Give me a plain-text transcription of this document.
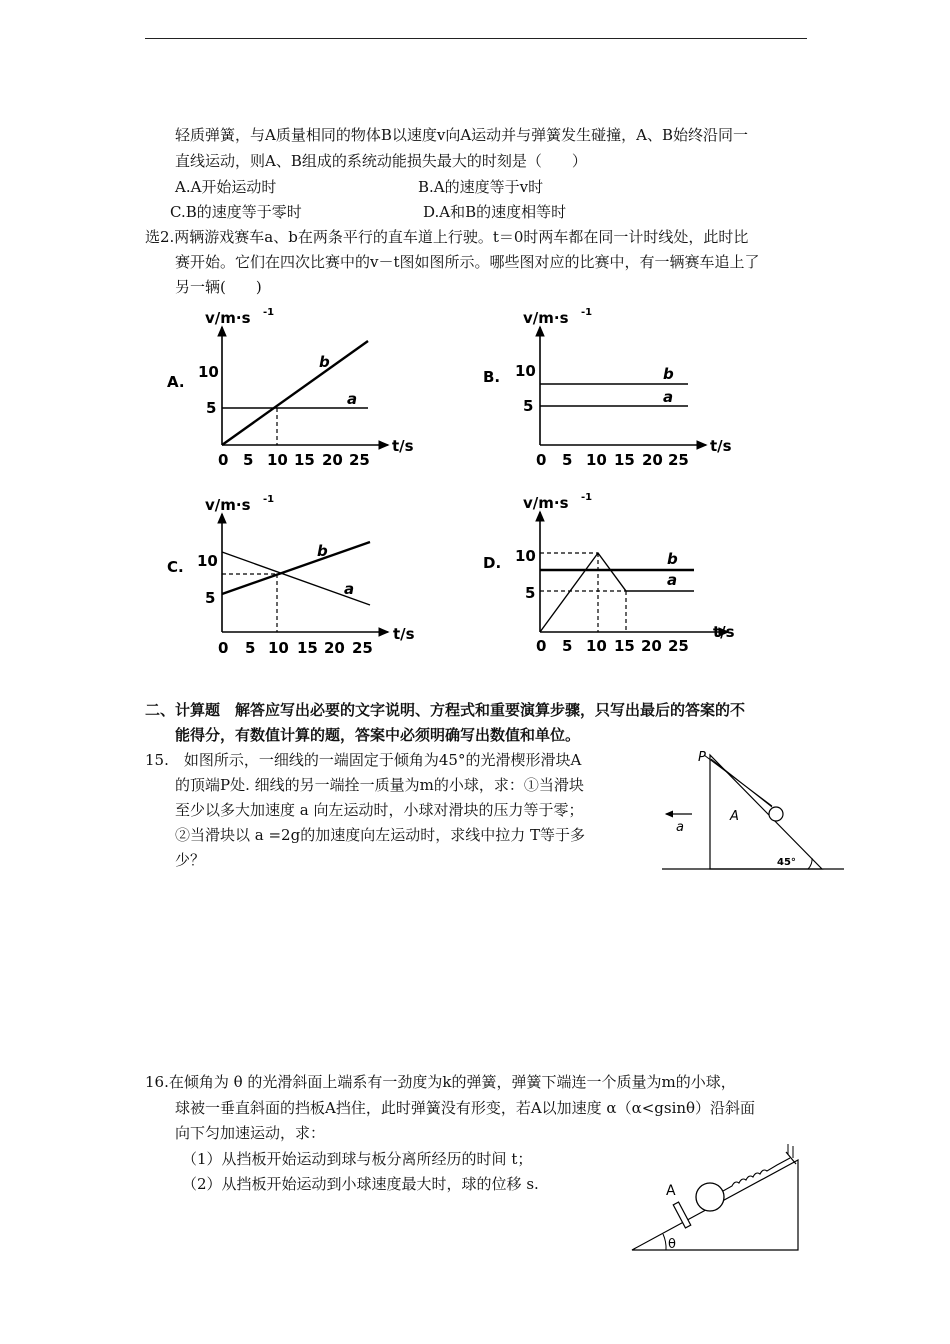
轻质弹簧，与A质量相同的物体B以速度v向A运动并与弹簧发生碰撞，A、B始终沿同一
直线运动，则A、B组成的系统动能损失最大的时刻是（　　）
A.A开始运动时	B.A的速度等于v时
C.B的速度等于零时	D.A和B的速度相等时
选2.两辆游戏赛车a、b在两条平行的直车道上行驶。t＝0时两车都在同一计时线处，此时比
赛开始。它们在四次比赛中的v－t图如图所示。哪些图对应的比赛中，有一辆赛车追上了
另一辆(　　)
v/m·s -1
t/s
0 5 10 15 20 25
5
10
A.
b
a
v/m·s -1
t/s
0 5 10 15 20 25
5
10
B.	b
a
v/m·s -1
t/s
0 5 10 15 20 25
5
10
C.
b
a
v/m·s -1
t/s
0 5 10 15 20 25
5
10
D.	b
a
二、计算题　解答应写出必要的文字说明、方程式和重要演算步骤，只写出最后的答案的不
能得分，有数值计算的题，答案中必须明确写出数值和单位。
15.　如图所示，一细线的一端固定于倾角为45°的光滑楔形滑块A
的顶端P处. 细线的另一端拴一质量为m的小球，求：①当滑块
至少以多大加速度 a 向左运动时，小球对滑块的压力等于零；
②当滑块以 a =2g的加速度向左运动时，求线中拉力 T等于多
少？
P
A
a
45°
16.在倾角为 θ 的光滑斜面上端系有一劲度为k的弹簧，弹簧下端连一个质量为m的小球，
球被一垂直斜面的挡板A挡住，此时弹簧没有形变，若A以加速度 α（α<gsinθ）沿斜面
向下匀加速运动，求：
（1）从挡板开始运动到球与板分离所经历的时间 t；
（2）从挡板开始运动到小球速度最大时，球的位移 s.	A
θ
